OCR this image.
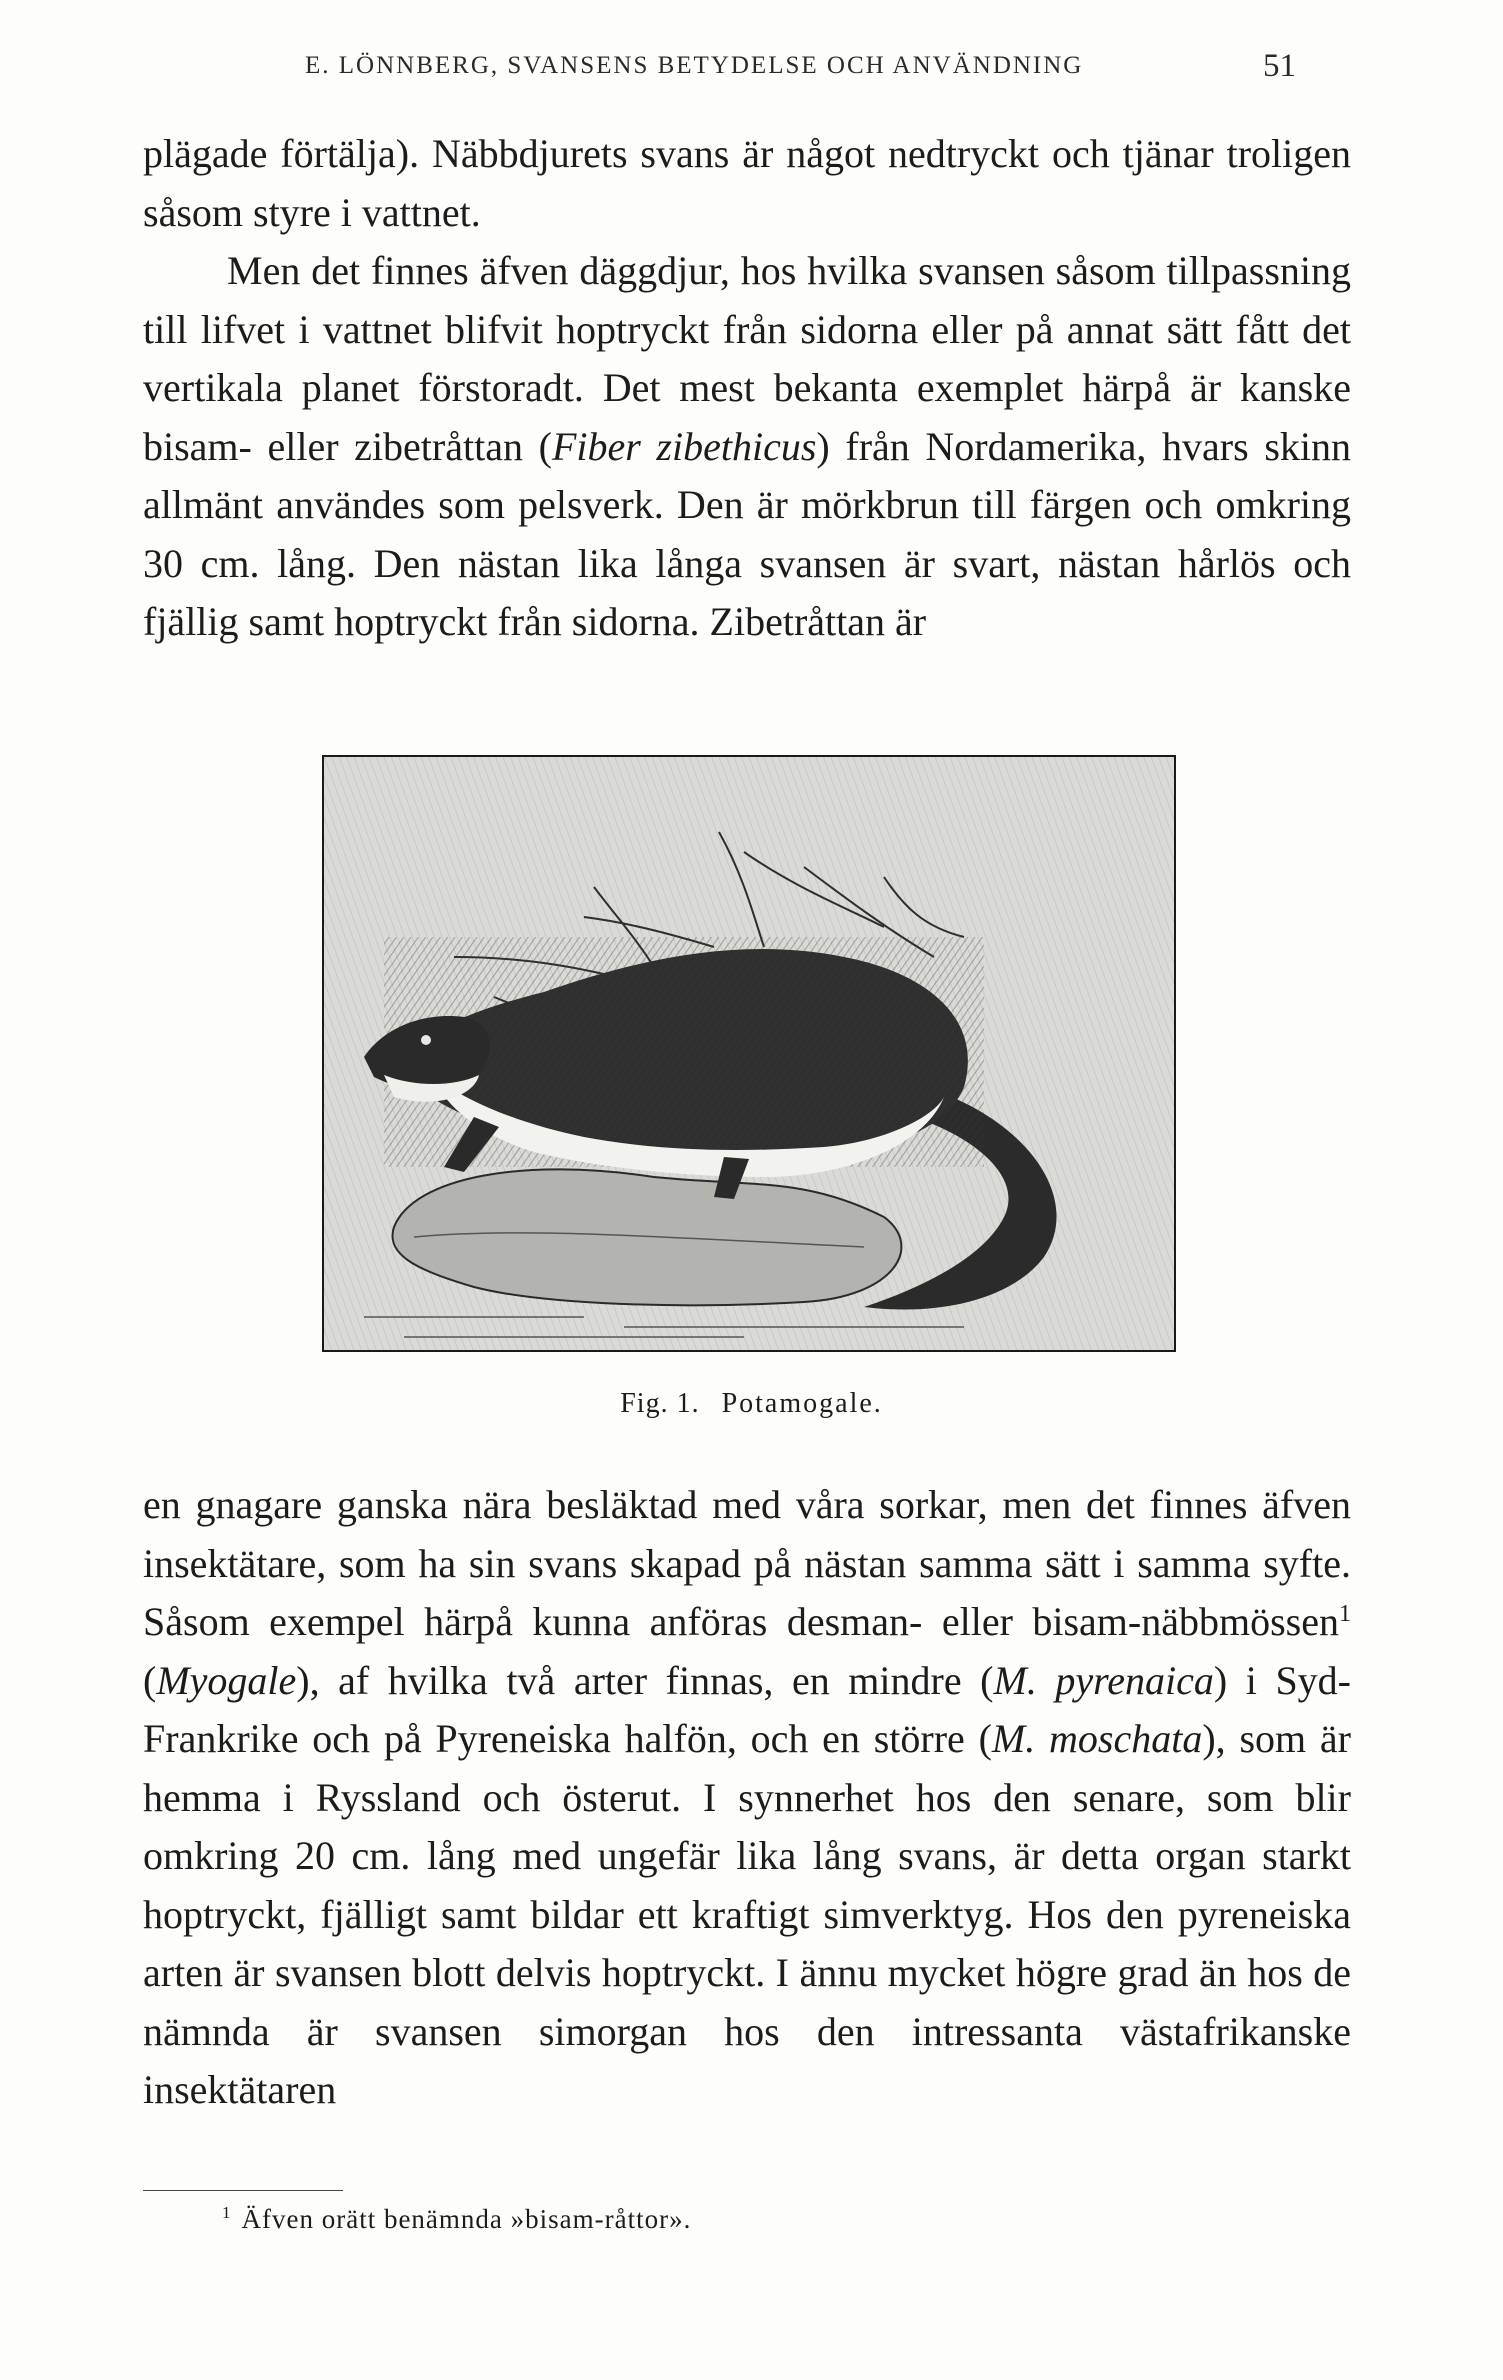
E. LÖNNBERG, SVANSENS BETYDELSE OCH ANVÄNDNING	51

plägade förtälja). Näbbdjurets svans är något nedtryckt och tjänar troligen såsom styre i vattnet.

Men det finnes äfven däggdjur, hos hvilka svansen såsom tillpassning till lifvet i vattnet blifvit hoptryckt från sidorna eller på annat sätt fått det vertikala planet förstoradt. Det mest bekanta exemplet härpå är kanske bisam- eller zibetråttan (Fiber zibethicus) från Nordamerika, hvars skinn allmänt användes som pelsverk. Den är mörkbrun till färgen och omkring 30 cm. lång. Den nästan lika långa svansen är svart, nästan hårlös och fjällig samt hoptryckt från sidorna. Zibetråttan är

Fig. 1. Potamogale.

en gnagare ganska nära besläktad med våra sorkar, men det finnes äfven insektätare, som ha sin svans skapad på nästan samma sätt i samma syfte. Såsom exempel härpå kunna anföras desman- eller bisam-näbbmössen$^1$ (Myogale), af hvilka två arter finnas, en mindre (M. pyrenaica) i Syd-Frankrike och på Pyreneiska halfön, och en större (M. moschata), som är hemma i Ryssland och österut. I synnerhet hos den senare, som blir omkring 20 cm. lång med ungefär lika lång svans, är detta organ starkt hoptryckt, fjälligt samt bildar ett kraftigt simverktyg. Hos den pyreneiska arten är svansen blott delvis hoptryckt. I ännu mycket högre grad än hos de nämnda är svansen simorgan hos den intressanta västafrikanske insektätaren

$^1$ Äfven orätt benämnda »bisam-råttor».
